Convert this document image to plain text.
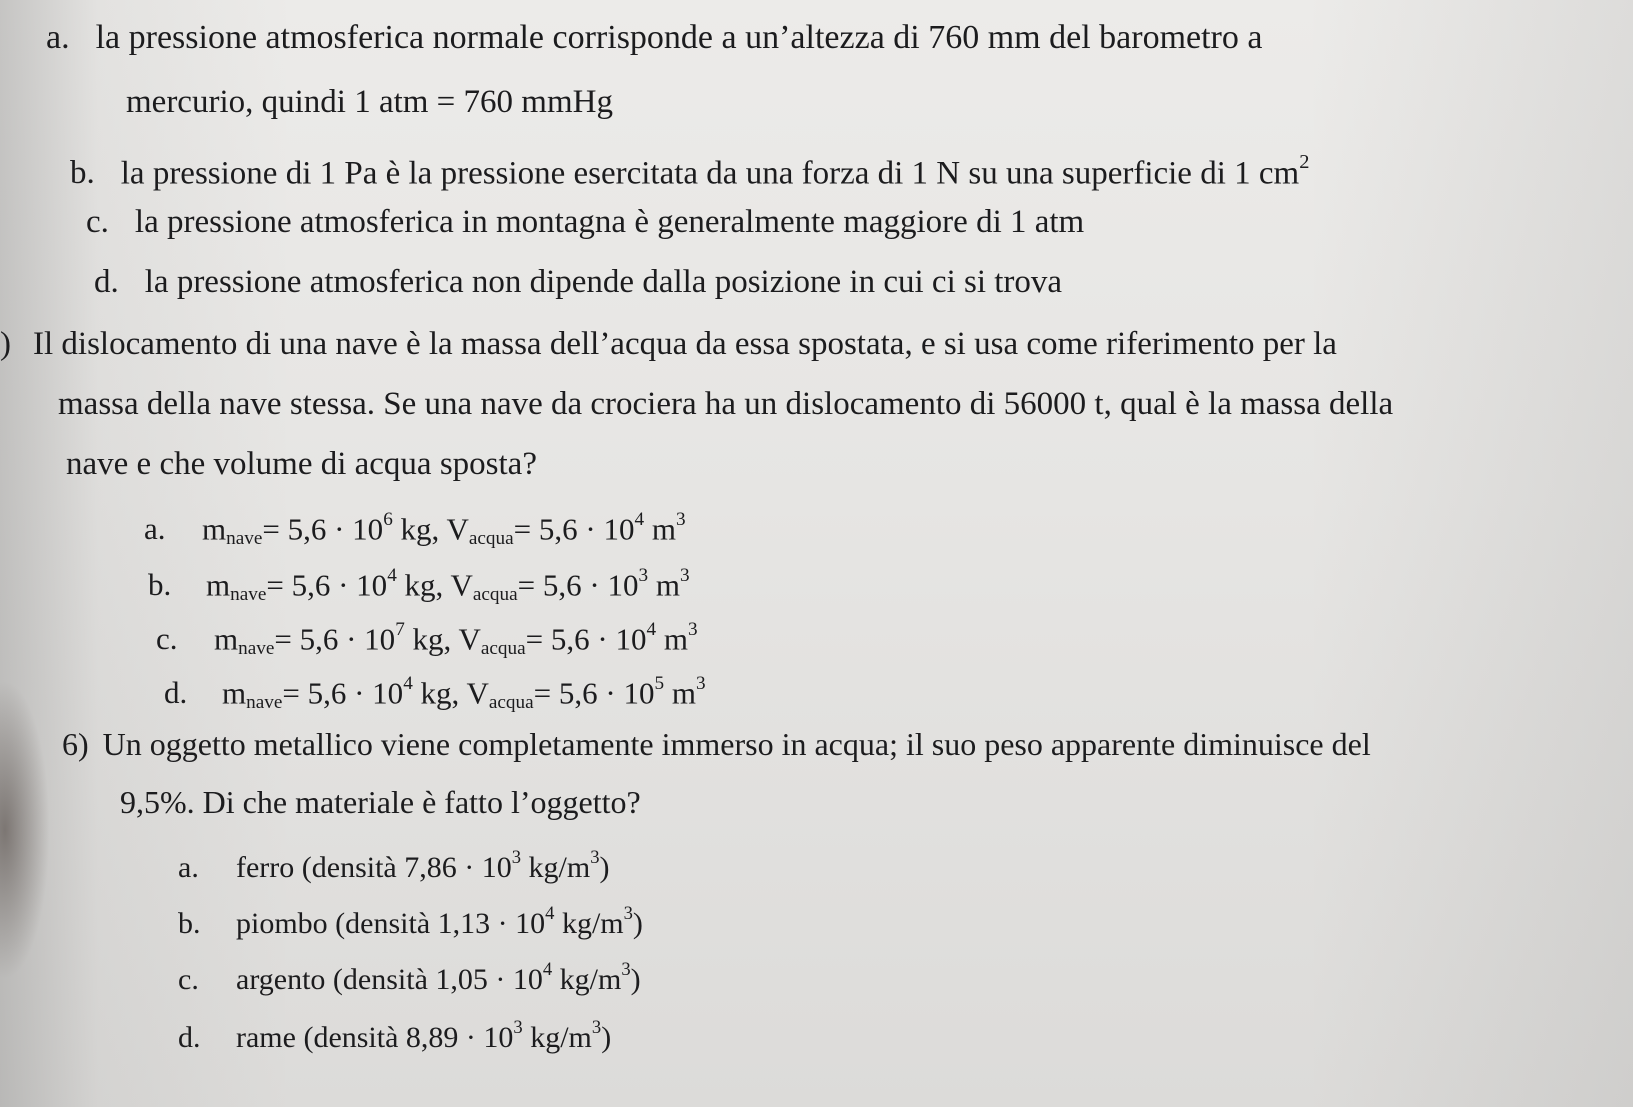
a. la pressione atmosferica normale corrisponde a un’altezza di 760 mm del barometro a
mercurio, quindi 1 atm = 760 mmHg
b. la pressione di 1 Pa è la pressione esercitata da una forza di 1 N su una superficie di 1 $cm^2$
c. la pressione atmosferica in montagna è generalmente maggiore di 1 atm
d. la pressione atmosferica non dipende dalla posizione in cui ci si trova
) Il dislocamento di una nave è la massa dell’acqua da essa spostata, e si usa come riferimento per la
massa della nave stessa. Se una nave da crociera ha un dislocamento di 56000 t, qual è la massa della
nave e che volume di acqua sposta?
a. $m_{nave}= 5,6 \cdot 10^6$ kg, $V_{acqua}= 5,6 \cdot 10^4$ $m^3$
b. $m_{nave}= 5,6 \cdot 10^4$ kg, $V_{acqua}= 5,6 \cdot 10^3$ $m^3$
c. $m_{nave}= 5,6 \cdot 10^7$ kg, $V_{acqua}= 5,6 \cdot 10^4$ $m^3$
d. $m_{nave}= 5,6 \cdot 10^4$ kg, $V_{acqua}= 5,6 \cdot 10^5$ $m^3$
6) Un oggetto metallico viene completamente immerso in acqua; il suo peso apparente diminuisce del
9,5%. Di che materiale è fatto l’oggetto?
a. ferro (densità $7,86 \cdot 10^3$ $kg/m^3$)
b. piombo (densità $1,13 \cdot 10^4$ $kg/m^3$)
c. argento (densità $1,05 \cdot 10^4$ $kg/m^3$)
d. rame (densità $8,89 \cdot 10^3$ $kg/m^3$)
